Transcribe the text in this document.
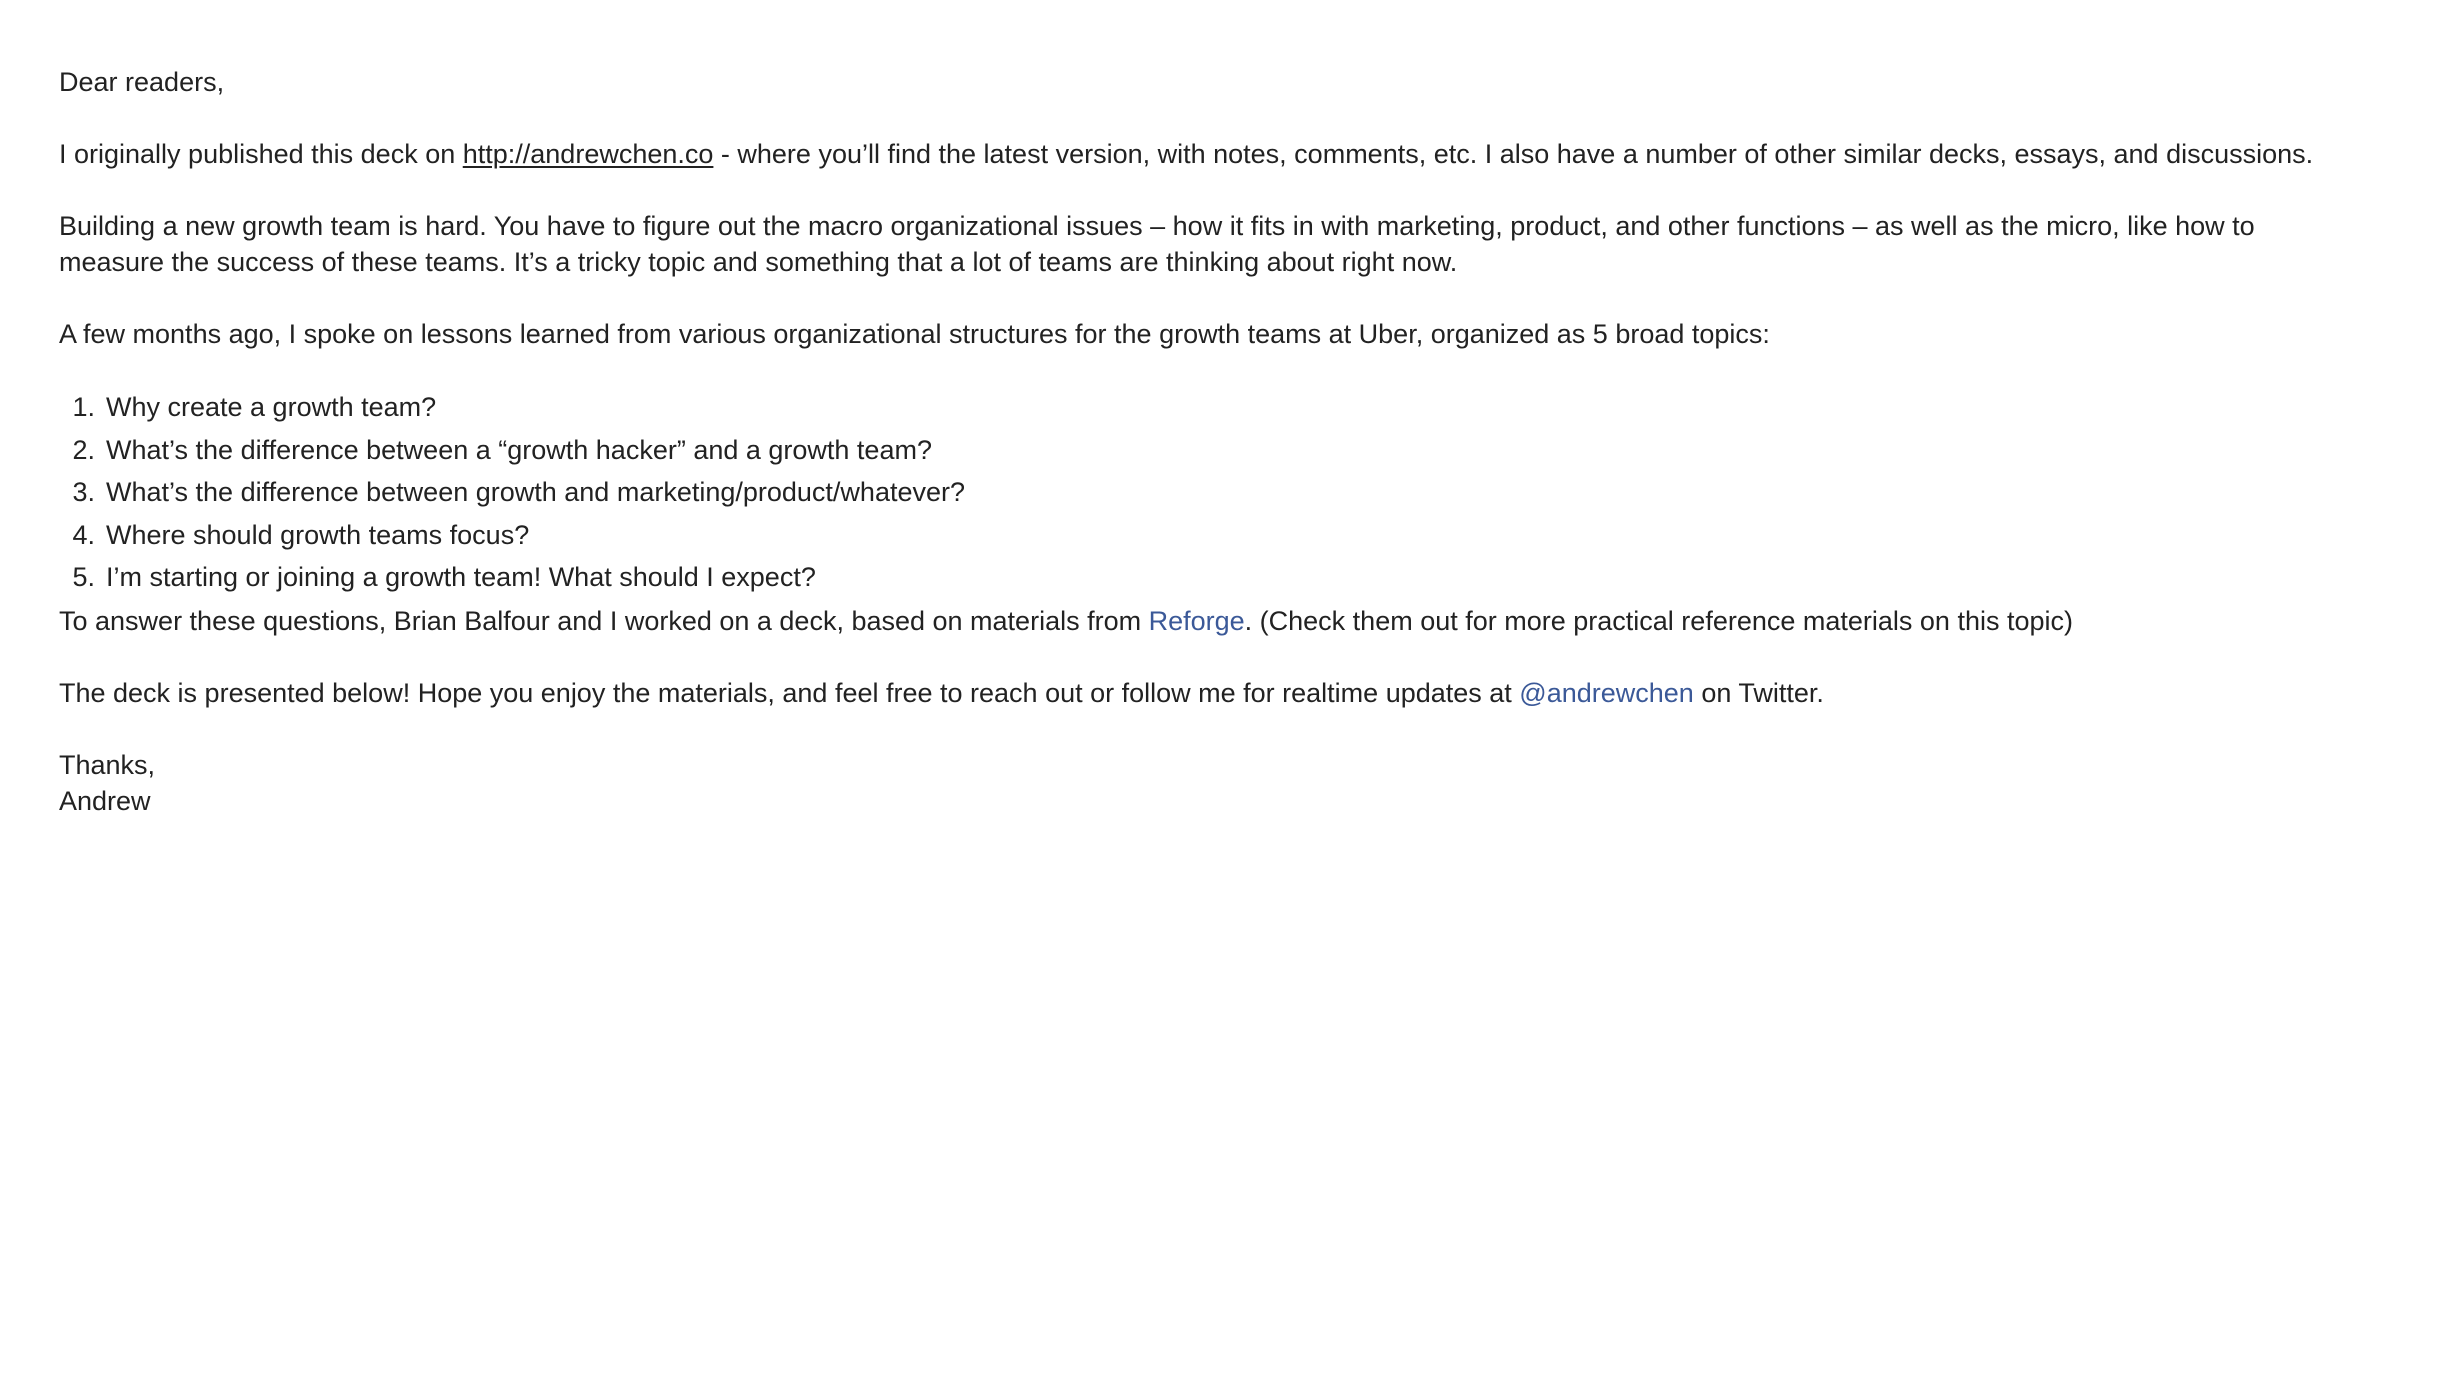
Dear readers,

I originally published this deck on http://andrewchen.co - where you’ll find the latest version, with notes, comments, etc. I also have a number of other similar decks, essays, and discussions.

Building a new growth team is hard. You have to figure out the macro organizational issues – how it fits in with marketing, product, and other functions – as well as the micro, like how to measure the success of these teams. It’s a tricky topic and something that a lot of teams are thinking about right now.

A few months ago, I spoke on lessons learned from various organizational structures for the growth teams at Uber, organized as 5 broad topics:

1. Why create a growth team?
2. What’s the difference between a “growth hacker” and a growth team?
3. What’s the difference between growth and marketing/product/whatever?
4. Where should growth teams focus?
5. I’m starting or joining a growth team! What should I expect?

To answer these questions, Brian Balfour and I worked on a deck, based on materials from Reforge. (Check them out for more practical reference materials on this topic)

The deck is presented below! Hope you enjoy the materials, and feel free to reach out or follow me for realtime updates at @andrewchen on Twitter.

Thanks,

Andrew
